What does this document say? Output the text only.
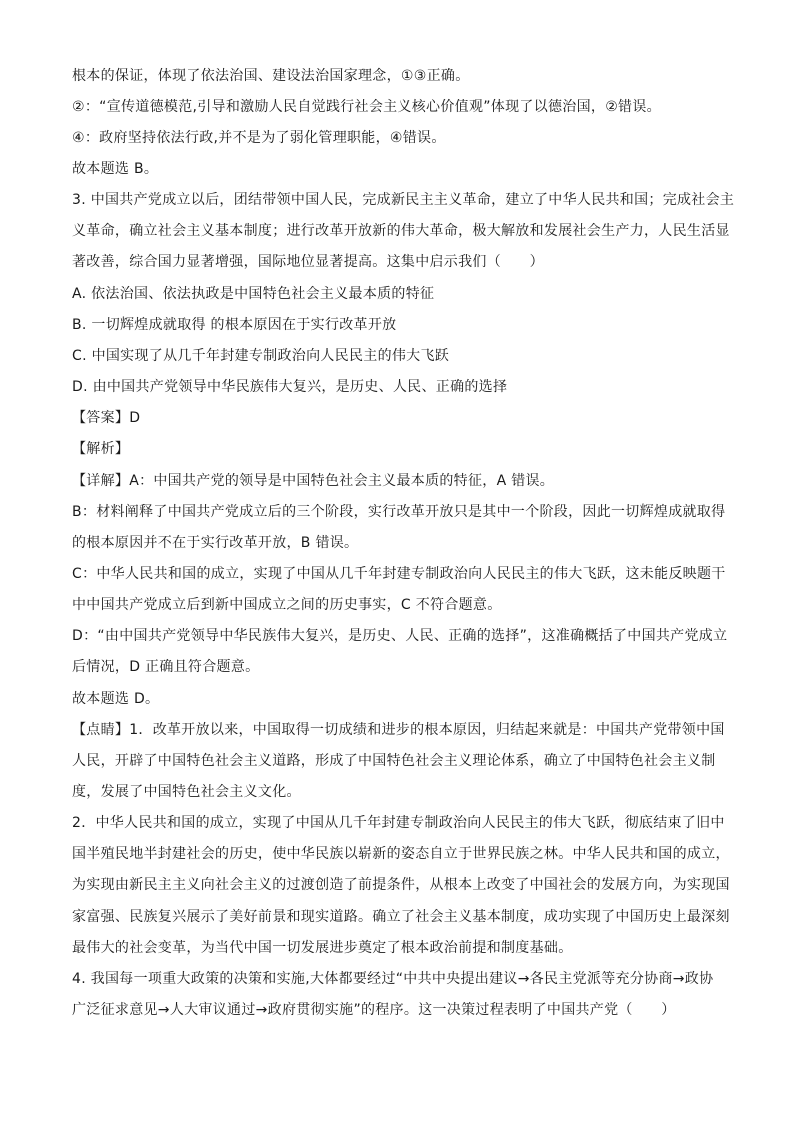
根本的保证，体现了依法治国、建设法治国家理念，①③正确。
②：“宣传道德模范,引导和激励人民自觉践行社会主义核心价值观”体现了以德治国，②错误。
④：政府坚持依法行政,并不是为了弱化管理职能，④错误。
故本题选 B。
3. 中国共产党成立以后，团结带领中国人民，完成新民主主义革命，建立了中华人民共和国；完成社会主
义革命，确立社会主义基本制度；进行改革开放新的伟大革命，极大解放和发展社会生产力，人民生活显
著改善，综合国力显著增强，国际地位显著提高。这集中启示我们（　　）
A. 依法治国、依法执政是中国特色社会主义最本质的特征
B. 一切辉煌成就取得 的根本原因在于实行改革开放
C. 中国实现了从几千年封建专制政治向人民民主的伟大飞跃
D. 由中国共产党领导中华民族伟大复兴，是历史、人民、正确的选择
【答案】D
【解析】
【详解】A：中国共产党的领导是中国特色社会主义最本质的特征，A 错误。
B：材料阐释了中国共产党成立后的三个阶段，实行改革开放只是其中一个阶段，因此一切辉煌成就取得
的根本原因并不在于实行改革开放，B 错误。
C：中华人民共和国的成立，实现了中国从几千年封建专制政治向人民民主的伟大飞跃，这未能反映题干
中中国共产党成立后到新中国成立之间的历史事实，C 不符合题意。
D：“由中国共产党领导中华民族伟大复兴，是历史、人民、正确的选择”，这准确概括了中国共产党成立
后情况，D 正确且符合题意。
故本题选 D。
【点睛】1．改革开放以来，中国取得一切成绩和进步的根本原因，归结起来就是：中国共产党带领中国
人民，开辟了中国特色社会主义道路，形成了中国特色社会主义理论体系，确立了中国特色社会主义制
度，发展了中国特色社会主义文化。
2．中华人民共和国的成立，实现了中国从几千年封建专制政治向人民民主的伟大飞跃，彻底结束了旧中
国半殖民地半封建社会的历史，使中华民族以崭新的姿态自立于世界民族之林。中华人民共和国的成立，
为实现由新民主主义向社会主义的过渡创造了前提条件，从根本上改变了中国社会的发展方向，为实现国
家富强、民族复兴展示了美好前景和现实道路。确立了社会主义基本制度，成功实现了中国历史上最深刻
最伟大的社会变革，为当代中国一切发展进步奠定了根本政治前提和制度基础。
4. 我国每一项重大政策的决策和实施,大体都要经过“中共中央提出建议→各民主党派等充分协商→政协
广泛征求意见→人大审议通过→政府贯彻实施”的程序。这一决策过程表明了中国共产党（　　）
